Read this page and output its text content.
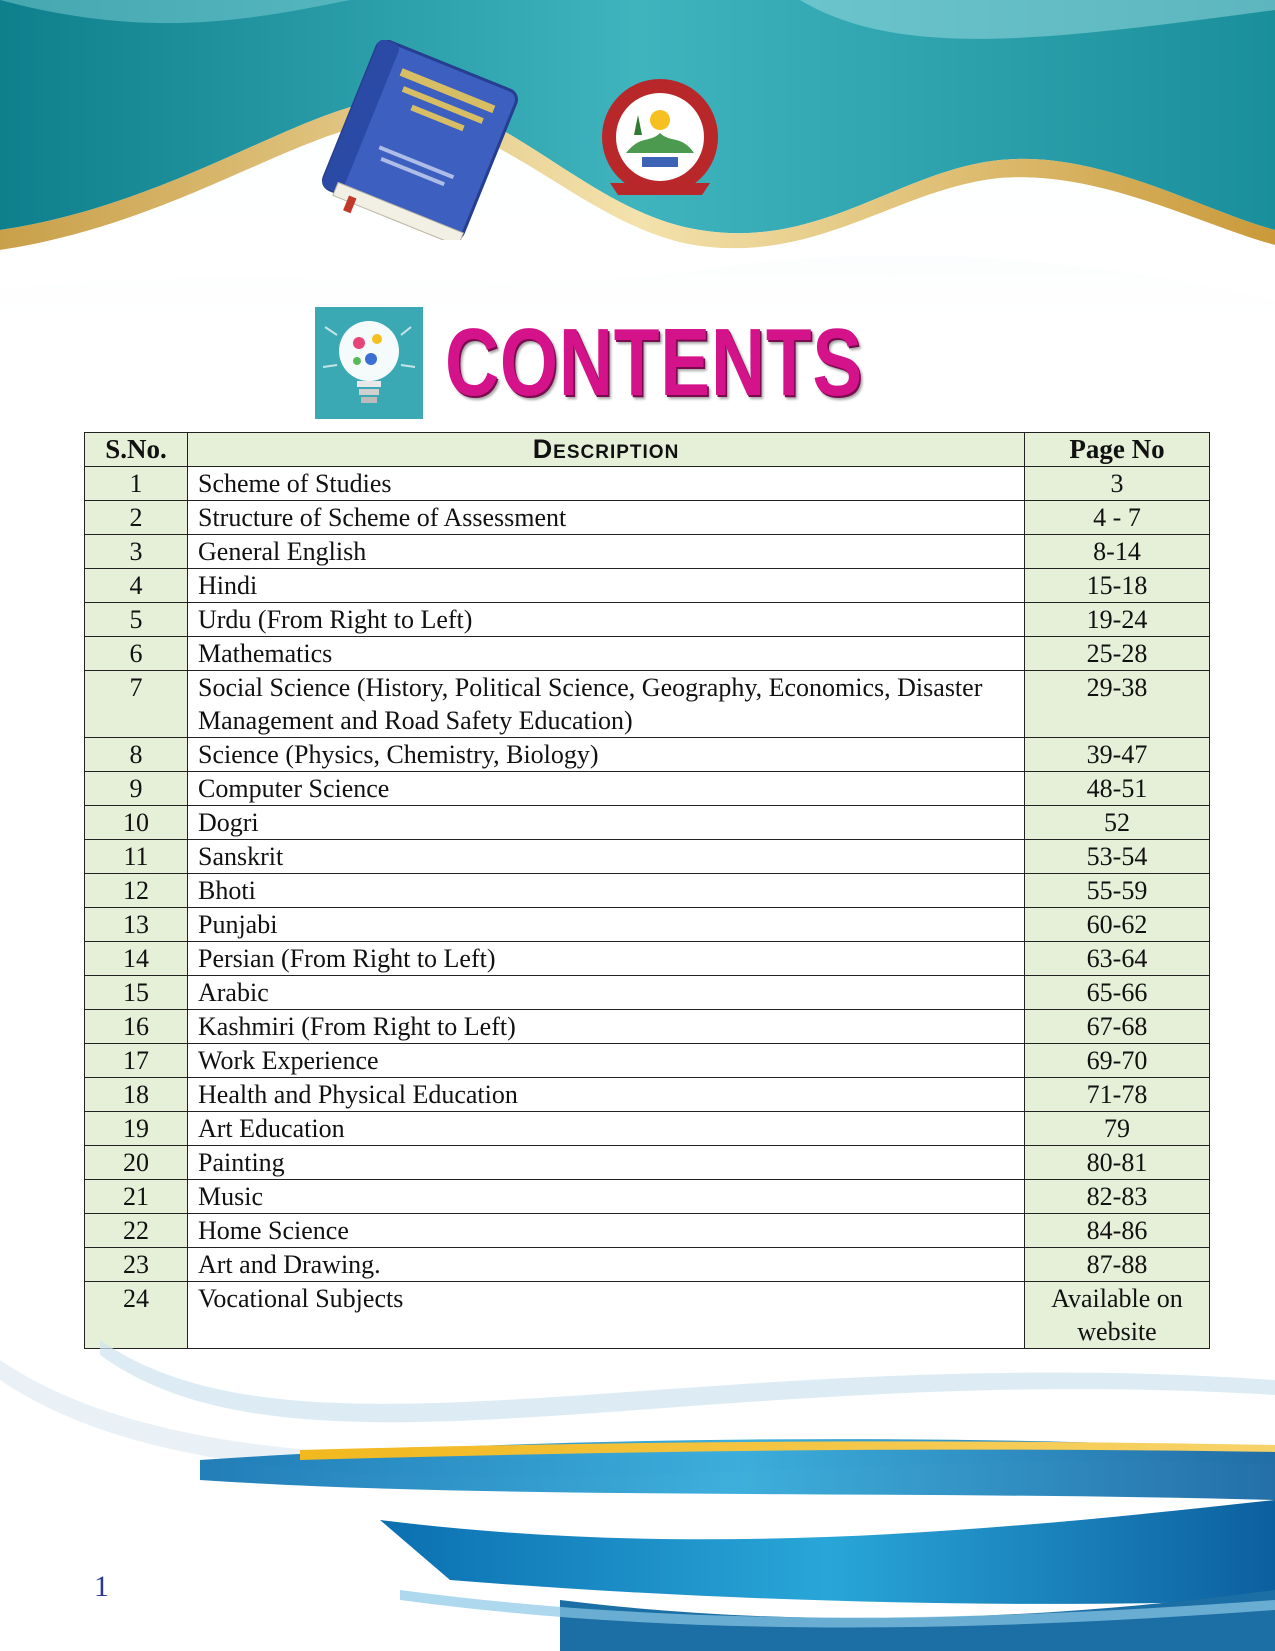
CONTENTS
S.No.	Description	Page No
1	Scheme of Studies	3
2	Structure of Scheme of Assessment	4 - 7
3	General English	8-14
4	Hindi	15-18
5	Urdu (From Right to Left)	19-24
6	Mathematics	25-28
7	Social Science (History, Political Science, Geography, Economics, Disaster Management and Road Safety Education)	29-38
8	Science (Physics, Chemistry, Biology)	39-47
9	Computer Science	48-51
10	Dogri	52
11	Sanskrit	53-54
12	Bhoti	55-59
13	Punjabi	60-62
14	Persian (From Right to Left)	63-64
15	Arabic	65-66
16	Kashmiri (From Right to Left)	67-68
17	Work Experience	69-70
18	Health and Physical Education	71-78
19	Art Education	79
20	Painting	80-81
21	Music	82-83
22	Home Science	84-86
23	Art and Drawing.	87-88
24	Vocational Subjects	Available on website
1
